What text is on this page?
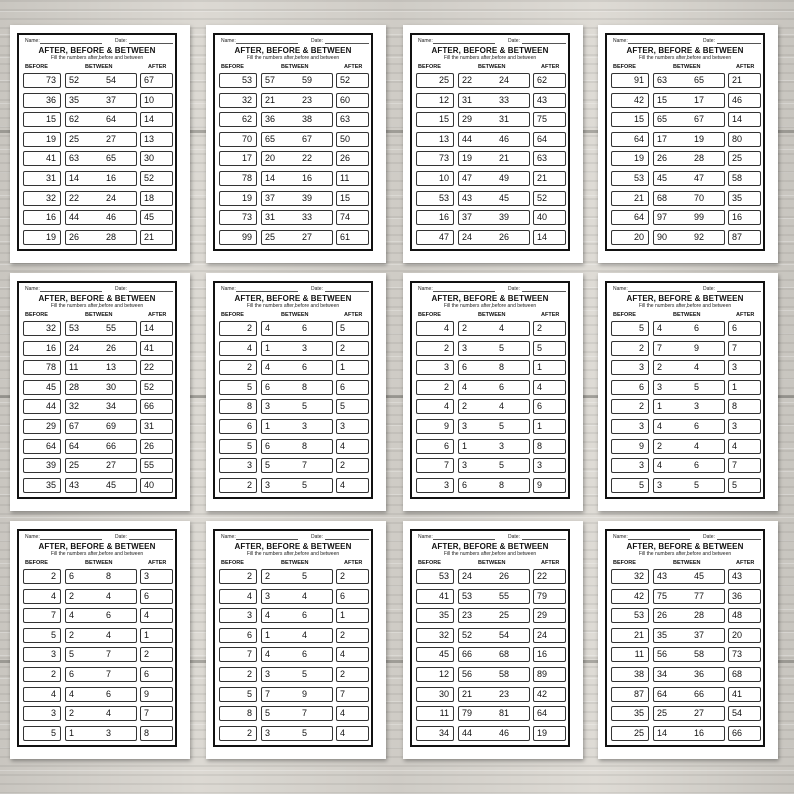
Name:	Date:
AFTER, BEFORE & BETWEEN
Fill the numbers after,before and between
BEFORE	BETWEEN	AFTER
73	52	54	67
36	35	37	10
15	62	64	14
19	25	27	13
41	63	65	30
31	14	16	52
32	22	24	18
16	44	46	45
19	26	28	21
Name:	Date:
AFTER, BEFORE & BETWEEN
Fill the numbers after,before and between
BEFORE	BETWEEN	AFTER
53	57	59	52
32	21	23	60
62	36	38	63
70	65	67	50
17	20	22	26
78	14	16	11
19	37	39	15
73	31	33	74
99	25	27	61
Name:	Date:
AFTER, BEFORE & BETWEEN
Fill the numbers after,before and between
BEFORE	BETWEEN	AFTER
25	22	24	62
12	31	33	43
15	29	31	75
13	44	46	64
73	19	21	63
10	47	49	21
53	43	45	52
16	37	39	40
47	24	26	14
Name:	Date:
AFTER, BEFORE & BETWEEN
Fill the numbers after,before and between
BEFORE	BETWEEN	AFTER
91	63	65	21
42	15	17	46
15	65	67	14
64	17	19	80
19	26	28	25
53	45	47	58
21	68	70	35
64	97	99	16
20	90	92	87
Name:	Date:
AFTER, BEFORE & BETWEEN
Fill the numbers after,before and between
BEFORE	BETWEEN	AFTER
32	53	55	14
16	24	26	41
78	11	13	22
45	28	30	52
44	32	34	66
29	67	69	31
64	64	66	26
39	25	27	55
35	43	45	40
Name:	Date:
AFTER, BEFORE & BETWEEN
Fill the numbers after,before and between
BEFORE	BETWEEN	AFTER
2	4	6	5
4	1	3	2
2	4	6	1
5	6	8	6
8	3	5	5
6	1	3	3
5	6	8	4
3	5	7	2
2	3	5	4
Name:	Date:
AFTER, BEFORE & BETWEEN
Fill the numbers after,before and between
BEFORE	BETWEEN	AFTER
4	2	4	2
2	3	5	5
3	6	8	1
2	4	6	4
4	2	4	6
9	3	5	1
6	1	3	8
7	3	5	3
3	6	8	9
Name:	Date:
AFTER, BEFORE & BETWEEN
Fill the numbers after,before and between
BEFORE	BETWEEN	AFTER
5	4	6	6
2	7	9	7
3	2	4	3
6	3	5	1
2	1	3	8
3	4	6	3
9	2	4	4
3	4	6	7
5	3	5	5
Name:	Date:
AFTER, BEFORE & BETWEEN
Fill the numbers after,before and between
BEFORE	BETWEEN	AFTER
2	6	8	3
4	2	4	6
7	4	6	4
5	2	4	1
3	5	7	2
2	6	7	6
4	4	6	9
3	2	4	7
5	1	3	8
Name:	Date:
AFTER, BEFORE & BETWEEN
Fill the numbers after,before and between
BEFORE	BETWEEN	AFTER
2	2	5	2
4	3	4	6
3	4	6	1
6	1	4	2
7	4	6	4
2	3	5	2
5	7	9	7
8	5	7	4
2	3	5	4
Name:	Date:
AFTER, BEFORE & BETWEEN
Fill the numbers after,before and between
BEFORE	BETWEEN	AFTER
53	24	26	22
41	53	55	79
35	23	25	29
32	52	54	24
45	66	68	16
12	56	58	89
30	21	23	42
11	79	81	64
34	44	46	19
Name:	Date:
AFTER, BEFORE & BETWEEN
Fill the numbers after,before and between
BEFORE	BETWEEN	AFTER
32	43	45	43
42	75	77	36
53	26	28	48
21	35	37	20
11	56	58	73
38	34	36	68
87	64	66	41
35	25	27	54
25	14	16	66
